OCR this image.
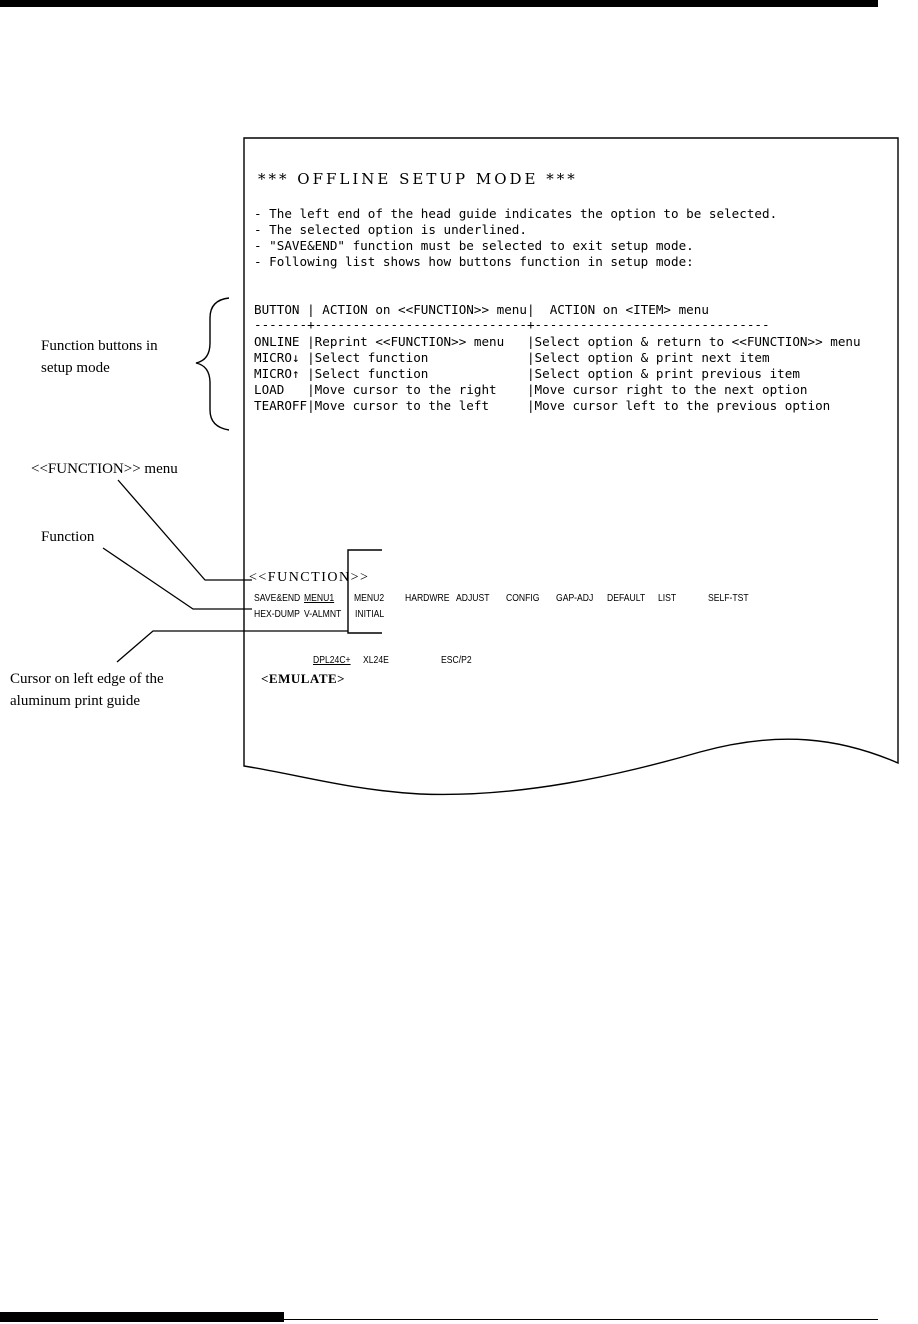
*** OFFLINE SETUP MODE ***
- The left end of the head guide indicates the option to be selected.
- The selected option is underlined.
- "SAVE&END" function must be selected to exit setup mode.
- Following list shows how buttons function in setup mode:
BUTTON | ACTION on <<FUNCTION>> menu|  ACTION on <ITEM> menu
-------+----------------------------+-------------------------------
ONLINE |Reprint <<FUNCTION>> menu   |Select option & return to <<FUNCTION>> menu
MICRO↓ |Select function             |Select option & print next item
MICRO↑ |Select function             |Select option & print previous item
LOAD   |Move cursor to the right    |Move cursor right to the next option
TEAROFF|Move cursor to the left     |Move cursor left to the previous option
<<FUNCTION>>

SAVE&END

MENU1

MENU2

HARDWRE

ADJUST

CONFIG

GAP-ADJ

DEFAULT

LIST

	SELF-TST

HEX-DUMP

V-ALMNT

INITIAL

<EMULATE>

DPL24C+

XL24E

	ESC/P2

Function buttons in
setup mode
<<FUNCTION>> menu
Function
Cursor on left edge of the
aluminum print guide
